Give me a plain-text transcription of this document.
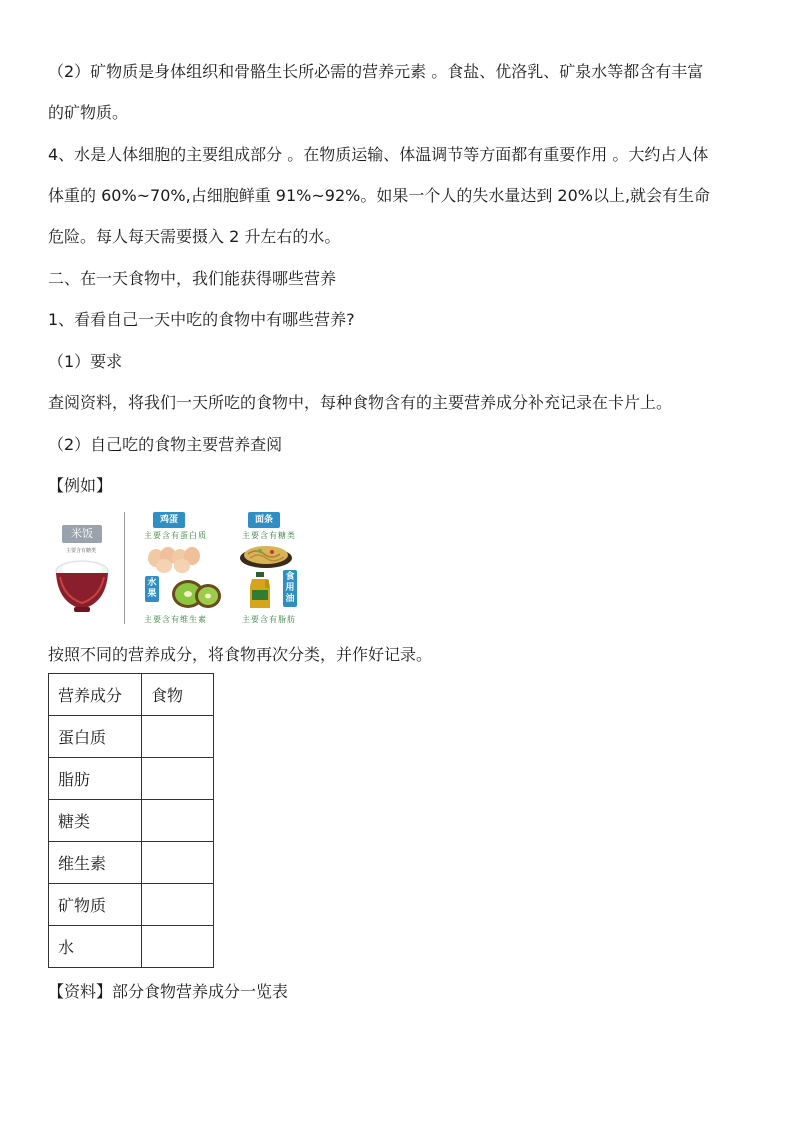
（2）矿物质是身体组织和骨骼生长所必需的营养元素 。食盐、优洛乳、矿泉水等都含有丰富
的矿物质。
4、水是人体细胞的主要组成部分 。在物质运输、体温调节等方面都有重要作用 。大约占人体
体重的 60%~70%,占细胞鲜重 91%~92%。如果一个人的失水量达到 20%以上,就会有生命
危险。每人每天需要摄入 2 升左右的水。
二、在一天食物中，我们能获得哪些营养
1、看看自己一天中吃的食物中有哪些营养?
（1）要求
查阅资料，将我们一天所吃的食物中，每种食物含有的主要营养成分补充记录在卡片上。
（2）自己吃的食物主要营养查阅
【例如】
米饭
主要含有糖类
鸡蛋
主要含有蛋白质
面条
主要含有糖类
水果
主要含有维生素
食用油
主要含有脂肪
按照不同的营养成分，将食物再次分类，并作好记录。
营养成分	食物
蛋白质	
脂肪	
糖类	
维生素	
矿物质	
水	
【资料】部分食物营养成分一览表
